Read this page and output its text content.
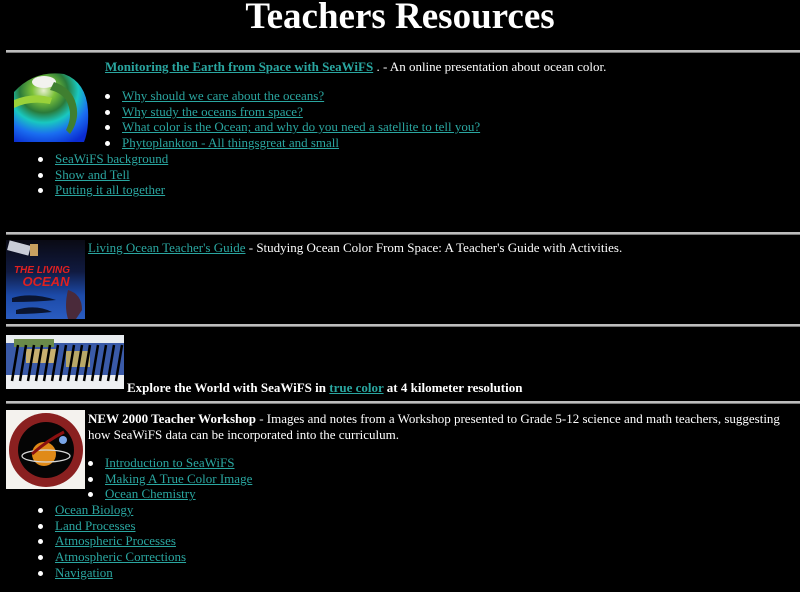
Teachers Resources
Monitoring the Earth from Space with SeaWiFS . - An online presentation about ocean color.
Why should we care about the oceans?
Why study the oceans from space?
What color is the Ocean; and why do you need a satellite to tell you?
Phytoplankton - All thingsgreat and small
SeaWiFS background
Show and Tell
Putting it all together
THE LIVING
OCEAN
Living Ocean Teacher's Guide - Studying Ocean Color From Space: A Teacher's Guide with Activities.
Explore the World with SeaWiFS in true color at 4 kilometer resolution
NEW 2000 Teacher Workshop - Images and notes from a Workshop presented to Grade 5-12 science and math teachers, suggesting how SeaWiFS data can be incorporated into the curriculum.
Introduction to SeaWiFS
Making A True Color Image
Ocean Chemistry
Ocean Biology
Land Processes
Atmospheric Processes
Atmospheric Corrections
Navigation
